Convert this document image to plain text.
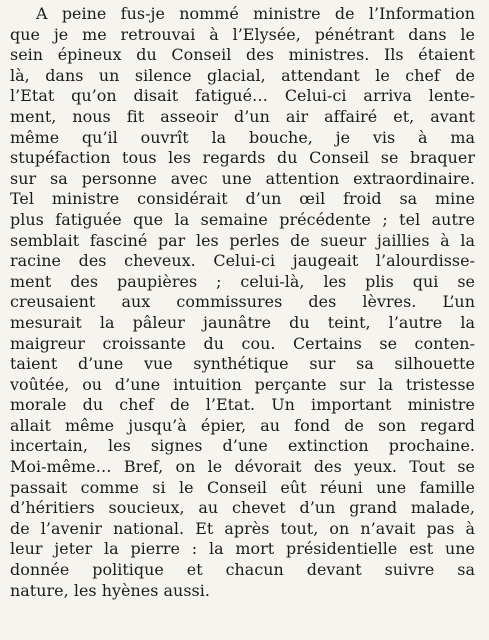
A peine fus-je nommé ministre de l’Information
que je me retrouvai à l’Elysée, pénétrant dans le
sein épineux du Conseil des ministres. Ils étaient
là, dans un silence glacial, attendant le chef de
l’Etat qu’on disait fatigué… Celui-ci arriva lente-
ment, nous fit asseoir d’un air affairé et, avant
même qu’il ouvrît la bouche, je vis à ma
stupéfaction tous les regards du Conseil se braquer
sur sa personne avec une attention extraordinaire.
Tel ministre considérait d’un œil froid sa mine
plus fatiguée que la semaine précédente ; tel autre
semblait fasciné par les perles de sueur jaillies à la
racine des cheveux. Celui-ci jaugeait l’alourdisse-
ment des paupières ; celui-là, les plis qui se
creusaient aux commissures des lèvres. L’un
mesurait la pâleur jaunâtre du teint, l’autre la
maigreur croissante du cou. Certains se conten-
taient d’une vue synthétique sur sa silhouette
voûtée, ou d’une intuition perçante sur la tristesse
morale du chef de l’Etat. Un important ministre
allait même jusqu’à épier, au fond de son regard
incertain, les signes d’une extinction prochaine.
Moi-même… Bref, on le dévorait des yeux. Tout se
passait comme si le Conseil eût réuni une famille
d’héritiers soucieux, au chevet d’un grand malade,
de l’avenir national. Et après tout, on n’avait pas à
leur jeter la pierre : la mort présidentielle est une
donnée politique et chacun devant suivre sa
nature, les hyènes aussi.
